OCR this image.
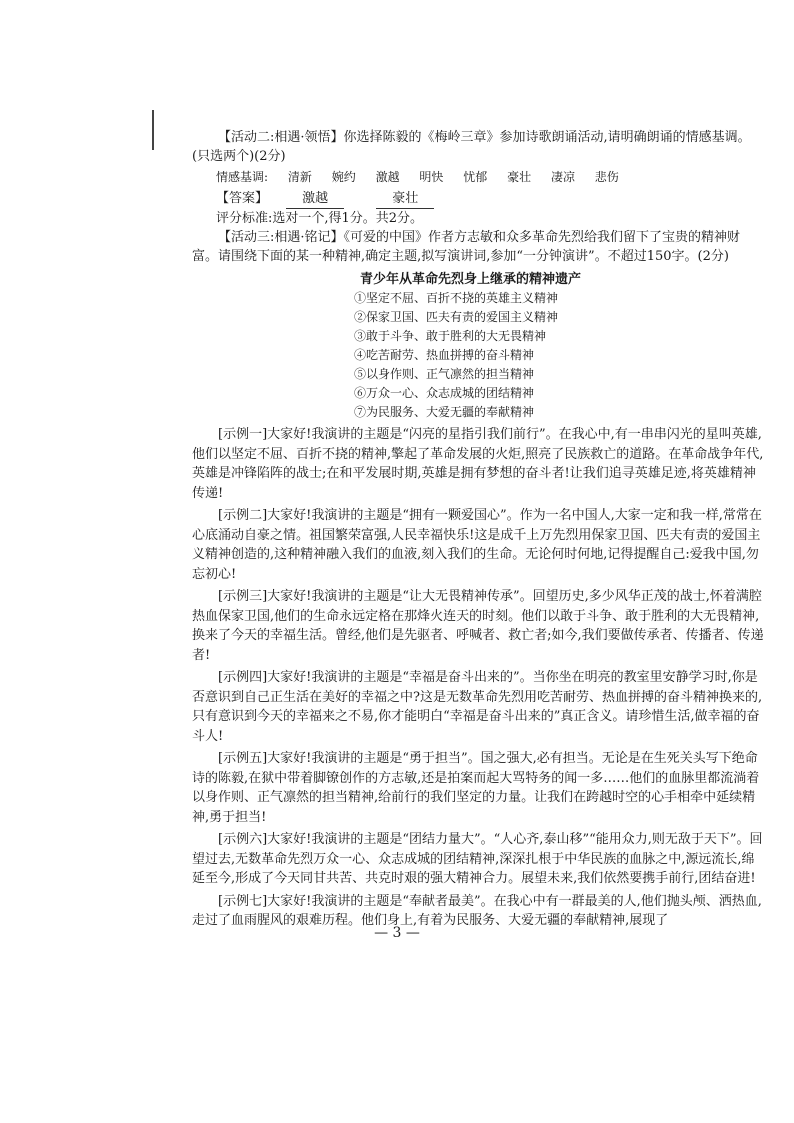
【活动二:相遇·领悟】你选择陈毅的《梅岭三章》参加诗歌朗诵活动,请明确朗诵的情感基调。(只选两个)(2分)

情感基调: 清新 婉约 激越 明快 忧郁 豪壮 凄凉 悲伤
【答案】	激越	豪壮
评分标准:选对一个,得1分。共2分。

【活动三:相遇·铭记】《可爱的中国》作者方志敏和众多革命先烈给我们留下了宝贵的精神财富。请围绕下面的某一种精神,确定主题,拟写演讲词,参加“一分钟演讲”。不超过150字。(2分)

青少年从革命先烈身上继承的精神遗产
①坚定不屈、百折不挠的英雄主义精神
②保家卫国、匹夫有责的爱国主义精神
③敢于斗争、敢于胜利的大无畏精神
④吃苦耐劳、热血拼搏的奋斗精神
⑤以身作则、正气凛然的担当精神
⑥万众一心、众志成城的团结精神
⑦为民服务、大爱无疆的奉献精神
[示例一]大家好!我演讲的主题是“闪亮的星指引我们前行”。在我心中,有一串串闪光的星叫英雄,他们以坚定不屈、百折不挠的精神,擎起了革命发展的火炬,照亮了民族救亡的道路。在革命战争年代,英雄是冲锋陷阵的战士;在和平发展时期,英雄是拥有梦想的奋斗者!让我们追寻英雄足迹,将英雄精神传递!
[示例二]大家好!我演讲的主题是“拥有一颗爱国心”。作为一名中国人,大家一定和我一样,常常在心底涌动自豪之情。祖国繁荣富强,人民幸福快乐!这是成千上万先烈用保家卫国、匹夫有责的爱国主义精神创造的,这种精神融入我们的血液,刻入我们的生命。无论何时何地,记得提醒自己:爱我中国,勿忘初心!
[示例三]大家好!我演讲的主题是“让大无畏精神传承”。回望历史,多少风华正茂的战士,怀着满腔热血保家卫国,他们的生命永远定格在那烽火连天的时刻。他们以敢于斗争、敢于胜利的大无畏精神,换来了今天的幸福生活。曾经,他们是先驱者、呼喊者、救亡者;如今,我们要做传承者、传播者、传递者!
[示例四]大家好!我演讲的主题是“幸福是奋斗出来的”。当你坐在明亮的教室里安静学习时,你是否意识到自己正生活在美好的幸福之中?这是无数革命先烈用吃苦耐劳、热血拼搏的奋斗精神换来的,只有意识到今天的幸福来之不易,你才能明白“幸福是奋斗出来的”真正含义。请珍惜生活,做幸福的奋斗人!
[示例五]大家好!我演讲的主题是“勇于担当”。国之强大,必有担当。无论是在生死关头写下绝命诗的陈毅,在狱中带着脚镣创作的方志敏,还是拍案而起大骂特务的闻一多……他们的血脉里都流淌着以身作则、正气凛然的担当精神,给前行的我们坚定的力量。让我们在跨越时空的心手相牵中延续精神,勇于担当!
[示例六]大家好!我演讲的主题是“团结力量大”。“人心齐,泰山移”“能用众力,则无敌于天下”。回望过去,无数革命先烈万众一心、众志成城的团结精神,深深扎根于中华民族的血脉之中,源远流长,绵延至今,形成了今天同甘共苦、共克时艰的强大精神合力。展望未来,我们依然要携手前行,团结奋进!
[示例七]大家好!我演讲的主题是“奉献者最美”。在我心中有一群最美的人,他们抛头颅、洒热血,走过了血雨腥风的艰难历程。他们身上,有着为民服务、大爱无疆的奉献精神,展现了
— 3 —
